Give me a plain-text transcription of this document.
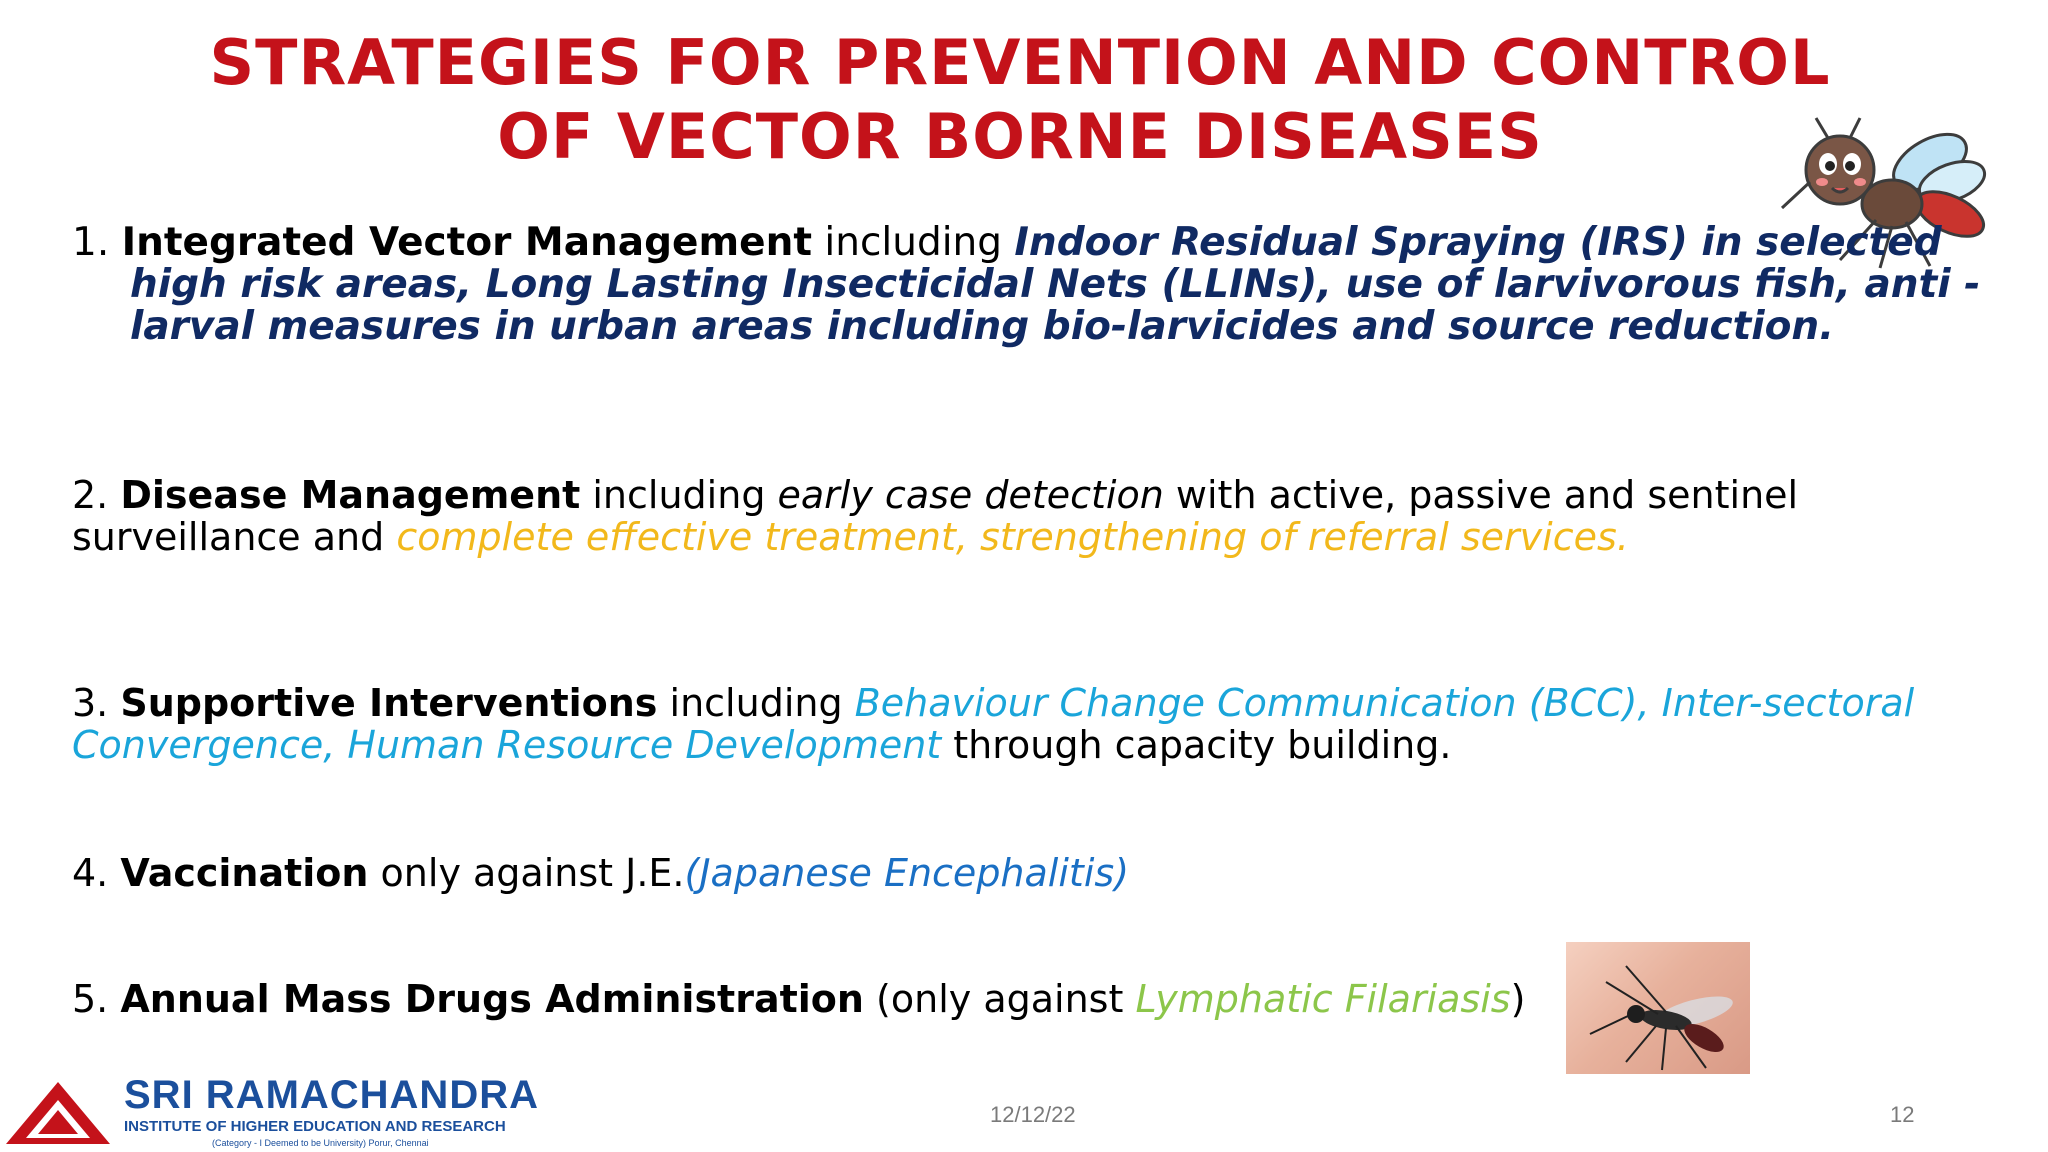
STRATEGIES FOR PREVENTION AND CONTROL
OF VECTOR BORNE DISEASES
1. Integrated Vector Management including Indoor Residual Spraying (IRS) in selected high risk areas, Long Lasting Insecticidal Nets (LLINs), use of larvivorous fish, anti - larval measures in urban areas including bio-larvicides and source reduction.
2. Disease Management including early case detection with active, passive and sentinel surveillance and complete effective treatment, strengthening of referral services.
3. Supportive Interventions including Behaviour Change Communication (BCC), Inter-sectoral Convergence, Human Resource Development through capacity building.
4. Vaccination only against J.E.(Japanese Encephalitis)
5. Annual Mass Drugs Administration (only against Lymphatic Filariasis)
SRI RAMACHANDRA
INSTITUTE OF HIGHER EDUCATION AND RESEARCH
(Category - I Deemed to be University) Porur, Chennai
12/12/22	12
